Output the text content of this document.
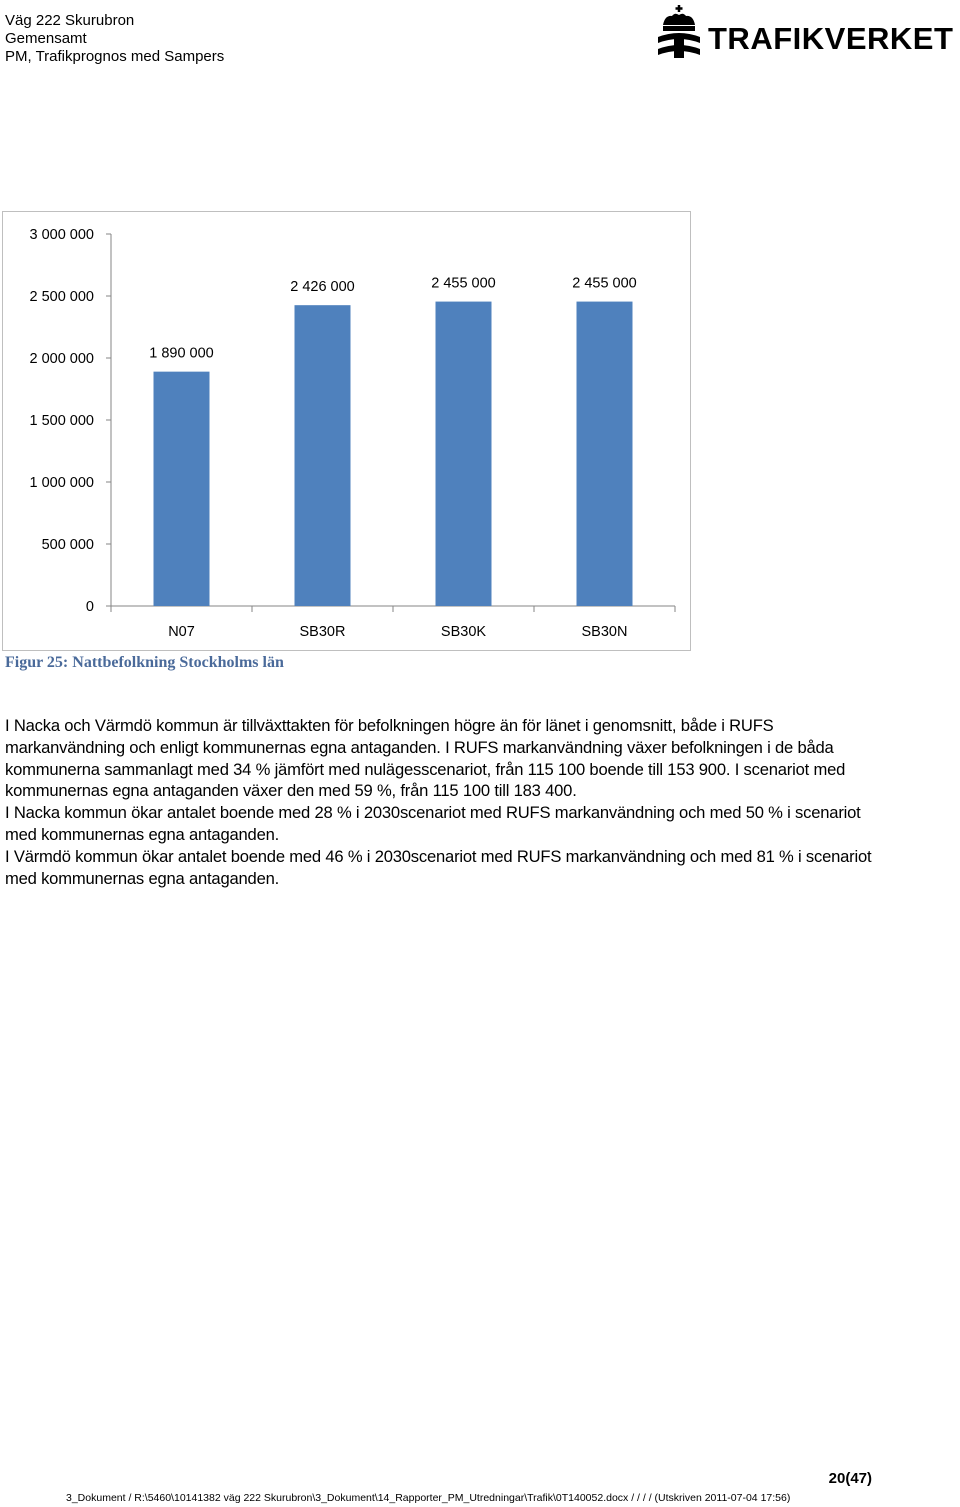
Väg 222 Skurubron
Gemensamt
PM, Trafikprognos med Sampers
TRAFIKVERKET
0
500 000
1 000 000
1 500 000
2 000 000
2 500 000
3 000 000
1 890 000
N07
2 426 000
SB30R
2 455 000
SB30K
2 455 000
SB30N
Figur 25: Nattbefolkning Stockholms län

I Nacka och Värmdö kommun är tillväxttakten för befolkningen högre än för länet i genomsnitt, både i RUFS markanvändning och enligt kommunernas egna antaganden. I RUFS markanvändning växer befolkningen i de båda kommunerna sammanlagt med 34 % jämfört med nulägesscenariot, från 115 100 boende till 153 900. I scenariot med kommunernas egna antaganden växer den med 59 %, från 115 100 till 183 400.

I Nacka kommun ökar antalet boende med 28 % i 2030scenariot med RUFS markanvändning och med 50 % i scenariot med kommunernas egna antaganden.

I Värmdö kommun ökar antalet boende med 46 % i 2030scenariot med RUFS markanvändning och med 81 % i scenariot med kommunernas egna antaganden.

20(47)
3_Dokument / R:\5460\10141382 väg 222 Skurubron\3_Dokument\14_Rapporter_PM_Utredningar\Trafik\0T140052.docx / / / / (Utskriven 2011-07-04 17:56)
